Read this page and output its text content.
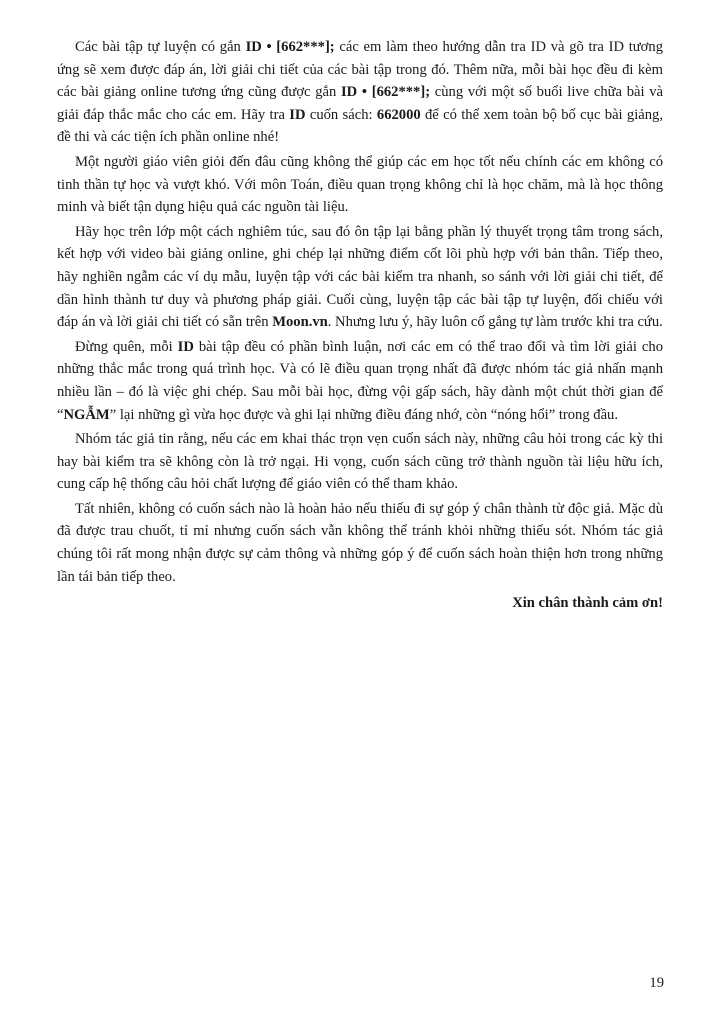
Các bài tập tự luyện có gắn ID • [662***]; các em làm theo hướng dẫn tra ID và gõ tra ID tương ứng sẽ xem được đáp án, lời giải chi tiết của các bài tập trong đó. Thêm nữa, mỗi bài học đều đi kèm các bài giảng online tương ứng cũng được gắn ID • [662***]; cùng với một số buổi live chữa bài và giải đáp thắc mắc cho các em. Hãy tra ID cuốn sách: 662000 để có thể xem toàn bộ bố cục bài giảng, đề thi và các tiện ích phần online nhé!

Một người giáo viên giỏi đến đâu cũng không thể giúp các em học tốt nếu chính các em không có tinh thần tự học và vượt khó. Với môn Toán, điều quan trọng không chỉ là học chăm, mà là học thông minh và biết tận dụng hiệu quả các nguồn tài liệu.

Hãy học trên lớp một cách nghiêm túc, sau đó ôn tập lại bằng phần lý thuyết trọng tâm trong sách, kết hợp với video bài giảng online, ghi chép lại những điểm cốt lõi phù hợp với bản thân. Tiếp theo, hãy nghiền ngẫm các ví dụ mẫu, luyện tập với các bài kiểm tra nhanh, so sánh với lời giải chi tiết, để dần hình thành tư duy và phương pháp giải. Cuối cùng, luyện tập các bài tập tự luyện, đối chiếu với đáp án và lời giải chi tiết có sẵn trên Moon.vn. Nhưng lưu ý, hãy luôn cố gắng tự làm trước khi tra cứu.

Đừng quên, mỗi ID bài tập đều có phần bình luận, nơi các em có thể trao đổi và tìm lời giải cho những thắc mắc trong quá trình học. Và có lẽ điều quan trọng nhất đã được nhóm tác giả nhấn mạnh nhiều lần – đó là việc ghi chép. Sau mỗi bài học, đừng vội gấp sách, hãy dành một chút thời gian để “NGẪM” lại những gì vừa học được và ghi lại những điều đáng nhớ, còn “nóng hổi” trong đầu.

Nhóm tác giả tin rằng, nếu các em khai thác trọn vẹn cuốn sách này, những câu hỏi trong các kỳ thi hay bài kiểm tra sẽ không còn là trở ngại. Hi vọng, cuốn sách cũng trở thành nguồn tài liệu hữu ích, cung cấp hệ thống câu hỏi chất lượng để giáo viên có thể tham khảo.

Tất nhiên, không có cuốn sách nào là hoàn hảo nếu thiếu đi sự góp ý chân thành từ độc giả. Mặc dù đã được trau chuốt, tỉ mỉ nhưng cuốn sách vẫn không thể tránh khỏi những thiếu sót. Nhóm tác giả chúng tôi rất mong nhận được sự cảm thông và những góp ý để cuốn sách hoàn thiện hơn trong những lần tái bản tiếp theo.

Xin chân thành cảm ơn!

19
